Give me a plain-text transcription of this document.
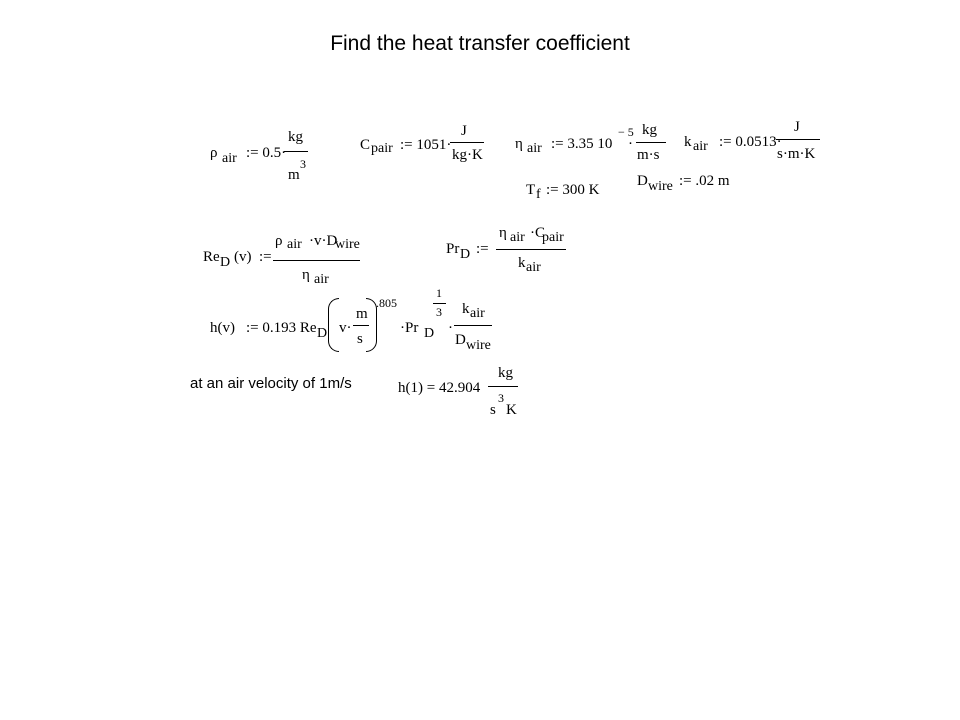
Find the heat transfer coefficient
ρ air := 0.5·
kg
m
3
C pair := 1051·
J
kg·K
η air := 3.35 10
− 5
·
kg
m·s
k air := 0.0513·
J
s·m·K
T f := 300 K
D wire := .02 m
Re D (v) :=
ρ air ·v·D
wire
η air
Pr D :=
η air ·C
pair
k air
h(v) := 0.193 Re D v·
m
s
.805
·Pr D
1
3
·
k air
D wire
at an air velocity of 1m/s	h(1) = 42.904
kg
s
3
K
